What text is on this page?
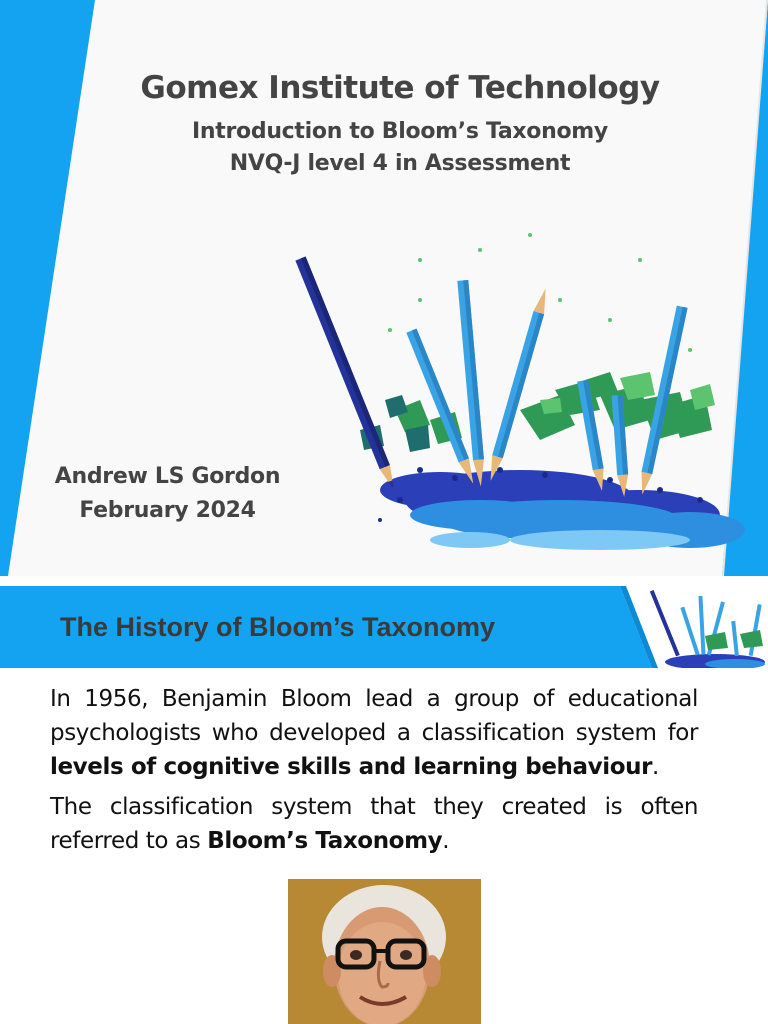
Gomex Institute of Technology
Introduction to Bloom’s Taxonomy
NVQ-J level 4 in Assessment
Andrew LS Gordon
February 2024
The History of Bloom’s Taxonomy

In 1956, Benjamin Bloom lead a group of educational psychologists who developed a classification system for levels of cognitive skills and learning behaviour.

The classification system that they created is often referred to as Bloom’s Taxonomy.
